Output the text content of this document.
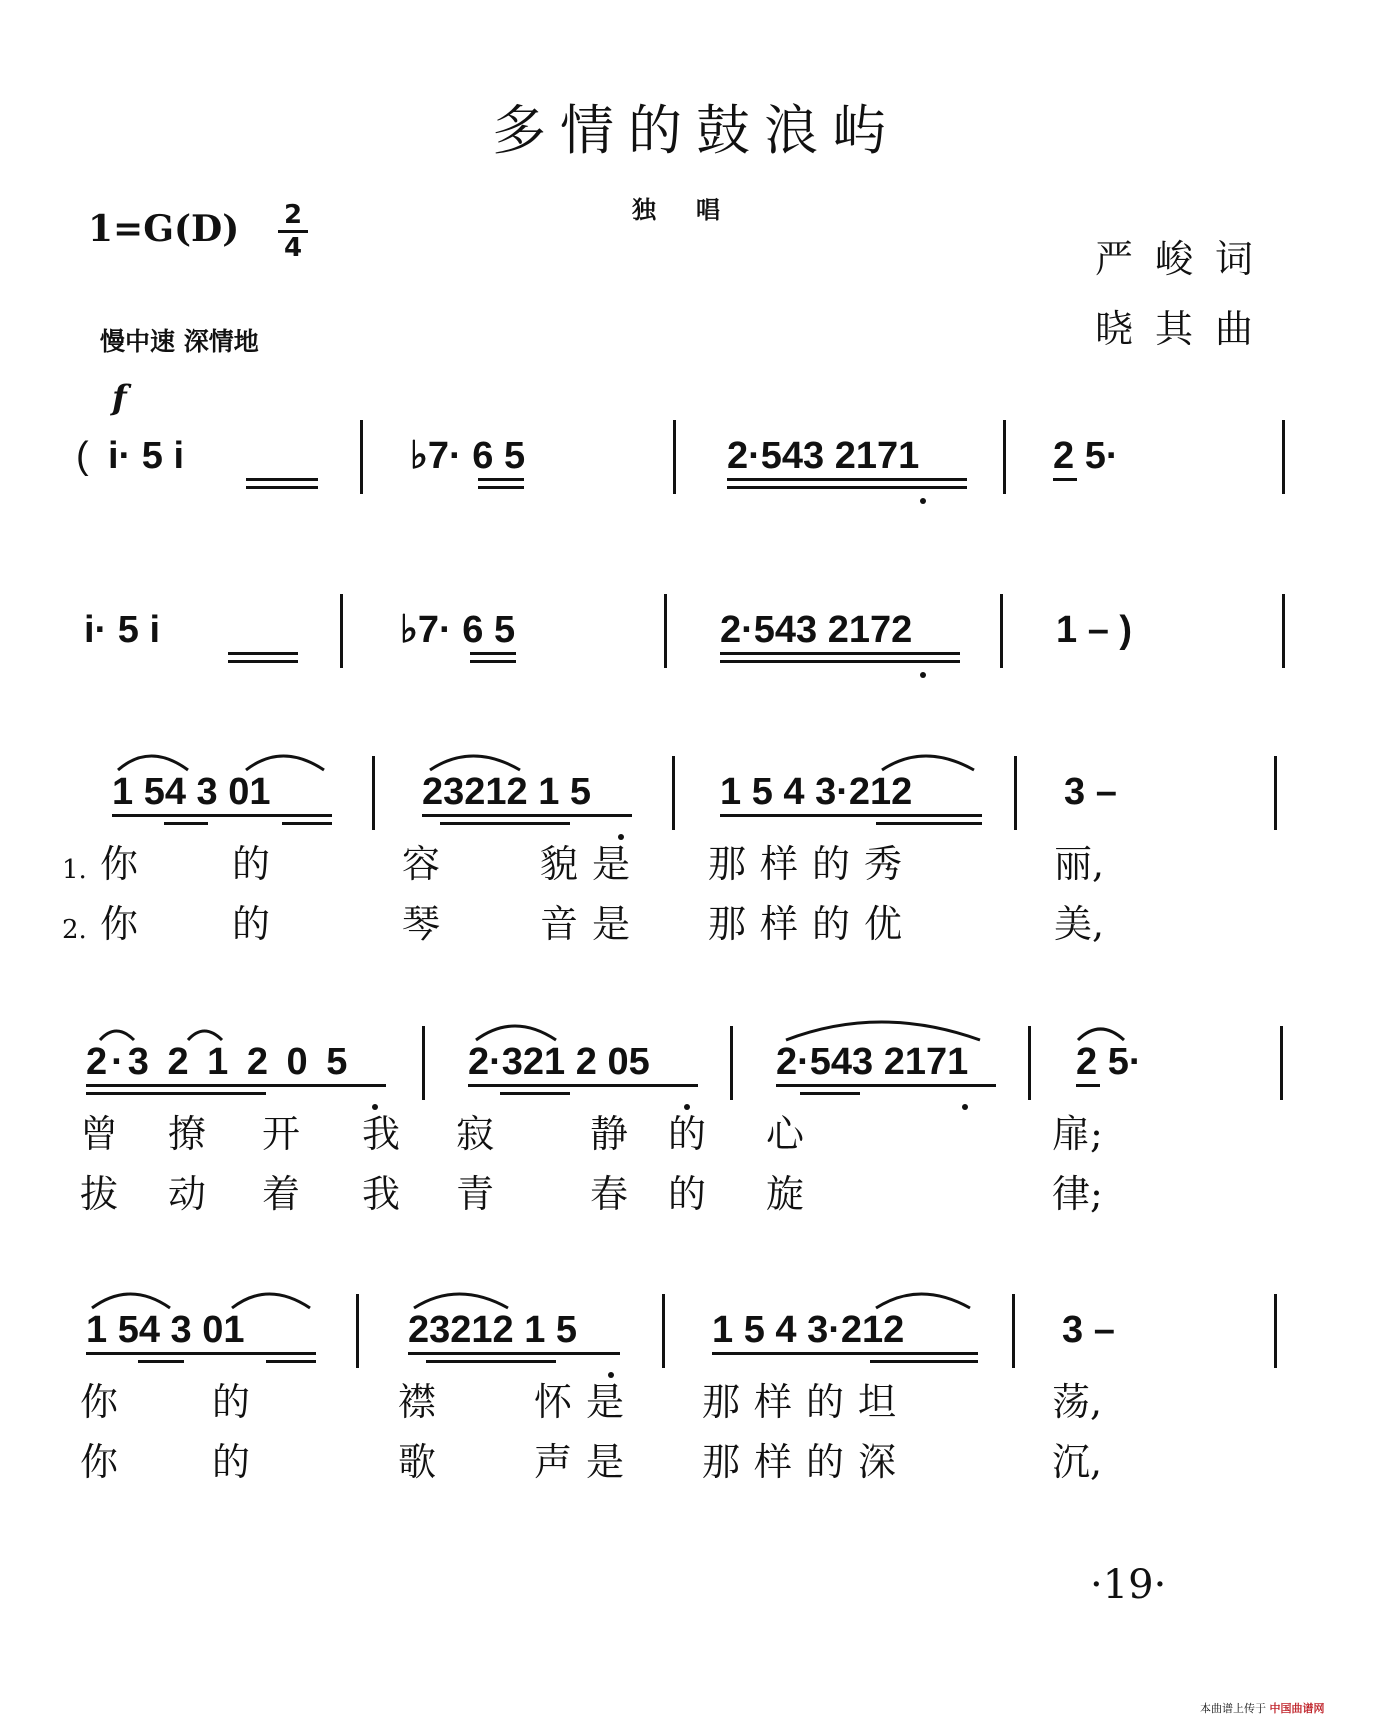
多情的鼓浪屿
独唱
1=G(D) 2
4
慢中速 深情地
严峻词
晓其曲
f
( i· 5 i	♭7· 6 5	2·543 2171	2 5·
i· 5 i	♭7· 6 5	2·543 2172	1 – )
1 54 3 01	23212 1 5	1 5 4 3·212	3 –
1. 你 的	容	貌是 那样的秀	丽,
2. 你 的	琴	音是 那样的优	美,
2·3 2 1 2 0 5	2·321 2 05	2·543 2171	2 5·
曾 撩 开 我 寂	静 的 心	扉;
拔 动 着 我 青	春 的 旋	律;
1 54 3 01	23212 1 5	1 5 4 3·212	3 –
你 的	襟	怀是 那样的坦	荡,
你 的	歌	声是 那样的深	沉,
·19·
本曲谱上传于 中国曲谱网
